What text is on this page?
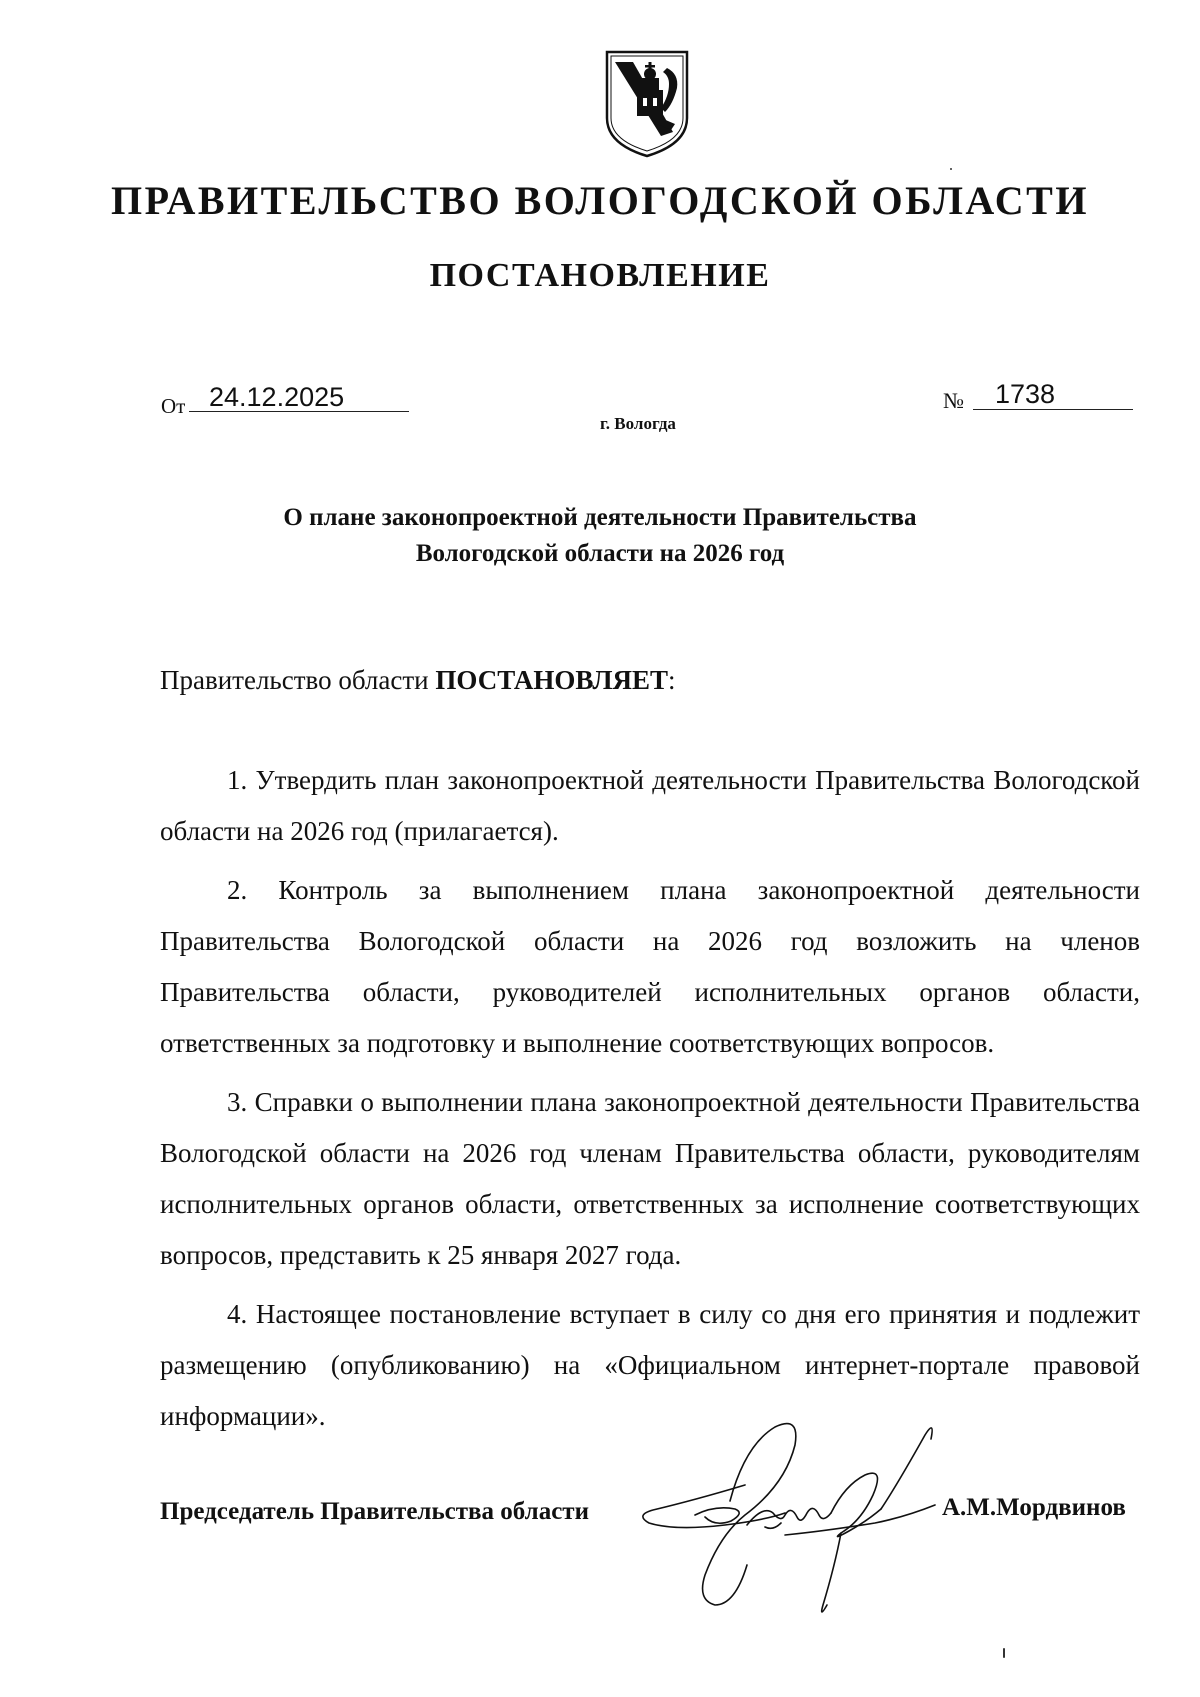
ПРАВИТЕЛЬСТВО ВОЛОГОДСКОЙ ОБЛАСТИ
ПОСТАНОВЛЕНИЕ
От 24.12.2025	№	1738

г. Вологда

О плане законопроектной деятельности Правительства
Вологодской области на 2026 год

Правительство области ПОСТАНОВЛЯЕТ:

1. Утвердить план законопроектной деятельности Правительства Вологодской области на 2026 год (прилагается).

2. Контроль за выполнением плана законопроектной деятельности Правительства Вологодской области на 2026 год возложить на членов Правительства области, руководителей исполнительных органов области, ответственных за подготовку и выполнение соответствующих вопросов.

3. Справки о выполнении плана законопроектной деятельности Правительства Вологодской области на 2026 год членам Правительства области, руководителям исполнительных органов области, ответственных за исполнение соответствующих вопросов, представить к 25 января 2027 года.

4. Настоящее постановление вступает в силу со дня его принятия и подлежит размещению (опубликованию) на «Официальном интернет-портале правовой информации».

Председатель Правительства области	А.М.Мордвинов
